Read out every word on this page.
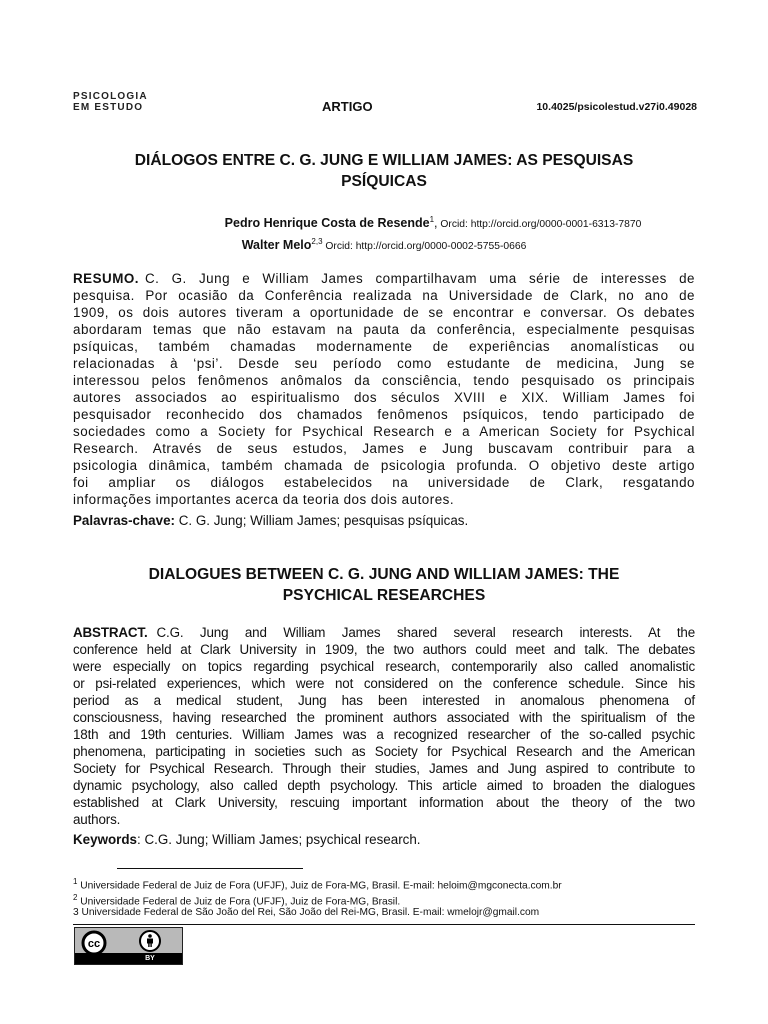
PSICOLOGIA
EM ESTUDO	ARTIGO	10.4025/psicolestud.v27i0.49028
DIÁLOGOS ENTRE C. G. JUNG E WILLIAM JAMES: AS PESQUISAS
PSÍQUICAS
Pedro Henrique Costa de Resende$^1$, Orcid: http://orcid.org/0000-0001-6313-7870
Walter Melo$^{2,3}$ Orcid: http://orcid.org/0000-0002-5755-0666
RESUMO. C. G. Jung e William James compartilhavam uma série de interesses de
pesquisa. Por ocasião da Conferência realizada na Universidade de Clark, no ano de
1909, os dois autores tiveram a oportunidade de se encontrar e conversar. Os debates
abordaram temas que não estavam na pauta da conferência, especialmente pesquisas
psíquicas, também chamadas modernamente de experiências anomalísticas ou
relacionadas à ‘psi’. Desde seu período como estudante de medicina, Jung se
interessou pelos fenômenos anômalos da consciência, tendo pesquisado os principais
autores associados ao espiritualismo dos séculos XVIII e XIX. William James foi
pesquisador reconhecido dos chamados fenômenos psíquicos, tendo participado de
sociedades como a Society for Psychical Research e a American Society for Psychical
Research. Através de seus estudos, James e Jung buscavam contribuir para a
psicologia dinâmica, também chamada de psicologia profunda. O objetivo deste artigo
foi ampliar os diálogos estabelecidos na universidade de Clark, resgatando
informações importantes acerca da teoria dos dois autores.
Palavras-chave: C. G. Jung; William James; pesquisas psíquicas.
DIALOGUES BETWEEN C. G. JUNG AND WILLIAM JAMES: THE
PSYCHICAL RESEARCHES
ABSTRACT. C.G. Jung and William James shared several research interests. At the
conference held at Clark University in 1909, the two authors could meet and talk. The debates
were especially on topics regarding psychical research, contemporarily also called anomalistic
or psi-related experiences, which were not considered on the conference schedule. Since his
period as a medical student, Jung has been interested in anomalous phenomena of
consciousness, having researched the prominent authors associated with the spiritualism of the
18th and 19th centuries. William James was a recognized researcher of the so-called psychic
phenomena, participating in societies such as Society for Psychical Research and the American
Society for Psychical Research. Through their studies, James and Jung aspired to contribute to
dynamic psychology, also called depth psychology. This article aimed to broaden the dialogues
established at Clark University, rescuing important information about the theory of the two
authors.
Keywords: C.G. Jung; William James; psychical research.
$^1$ Universidade Federal de Juiz de Fora (UFJF), Juiz de Fora-MG, Brasil. E-mail: heloim@mgconecta.com.br
$^2$ Universidade Federal de Juiz de Fora (UFJF), Juiz de Fora-MG, Brasil.
3 Universidade Federal de São João del Rei, São João del Rei-MG, Brasil. E-mail: wmelojr@gmail.com
cc
BY
